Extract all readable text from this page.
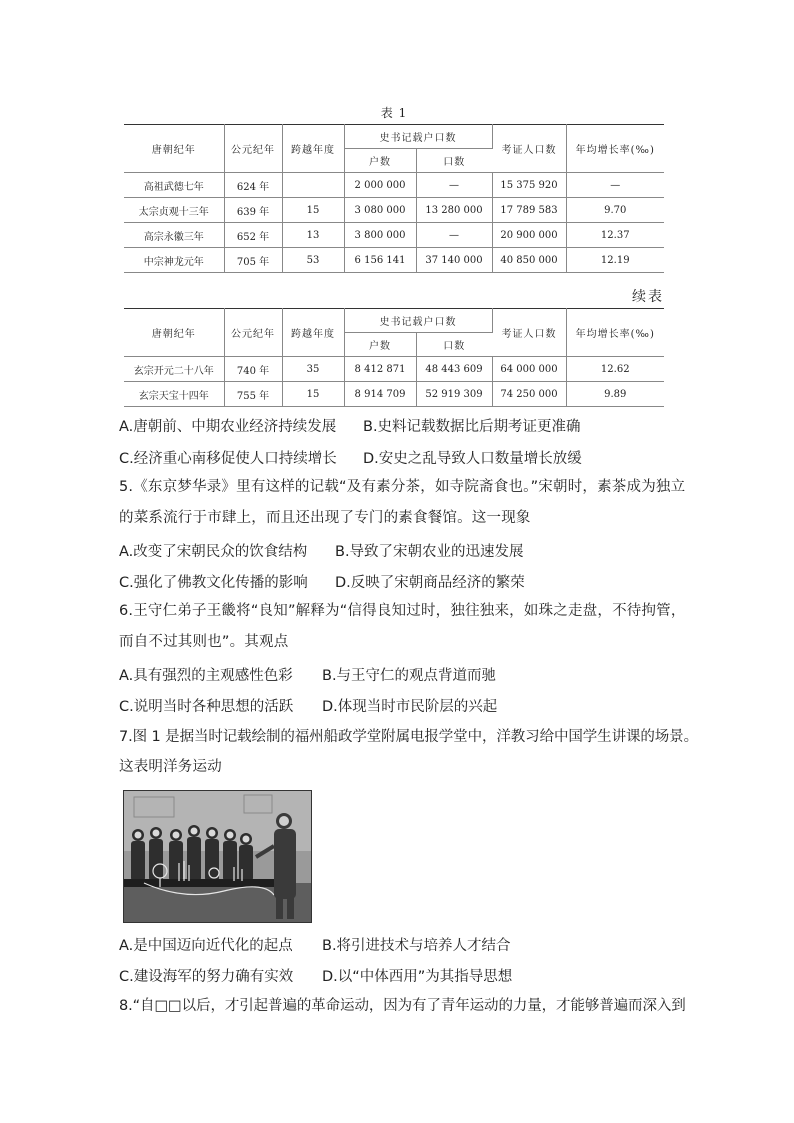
表 1
唐朝纪年	公元纪年	跨越年度	史书记载户口数		考证人口数	年均增长率(‰)
			户数	口数		
高祖武德七年	624 年		2 000 000	—	15 375 920	—
太宗贞观十三年	639 年	15	3 080 000	13 280 000	17 789 583	9.70
高宗永徽三年	652 年	13	3 800 000	—	20 900 000	12.37
中宗神龙元年	705 年	53	6 156 141	37 140 000	40 850 000	12.19
续表
唐朝纪年	公元纪年	跨越年度	史书记载户口数		考证人口数	年均增长率(‰)
			户数	口数		
玄宗开元二十八年	740 年	35	8 412 871	48 443 609	64 000 000	12.62
玄宗天宝十四年	755 年	15	8 914 709	52 919 309	74 250 000	9.89
A.唐朝前、中期农业经济持续发展 B.史料记载数据比后期考证更准确
C.经济重心南移促使人口持续增长 D.安史之乱导致人口数量增长放缓
5.《东京梦华录》里有这样的记载“及有素分茶，如寺院斋食也。”宋朝时，素茶成为独立
的菜系流行于市肆上，而且还出现了专门的素食餐馆。这一现象
A.改变了宋朝民众的饮食结构 B.导致了宋朝农业的迅速发展
C.强化了佛教文化传播的影响 D.反映了宋朝商品经济的繁荣
6.王守仁弟子王畿将“良知”解释为“信得良知过时，独往独来，如珠之走盘，不待拘管，
而自不过其则也”。其观点
A.具有强烈的主观感性色彩 B.与王守仁的观点背道而驰
C.说明当时各种思想的活跃 D.体现当时市民阶层的兴起
7.图 1 是据当时记载绘制的福州船政学堂附属电报学堂中，洋教习给中国学生讲课的场景。
这表明洋务运动
A.是中国迈向近代化的起点 B.将引进技术与培养人才结合
C.建设海军的努力确有实效 D.以“中体西用”为其指导思想
8.“自□□以后，才引起普遍的革命运动，因为有了青年运动的力量，才能够普遍而深入到
